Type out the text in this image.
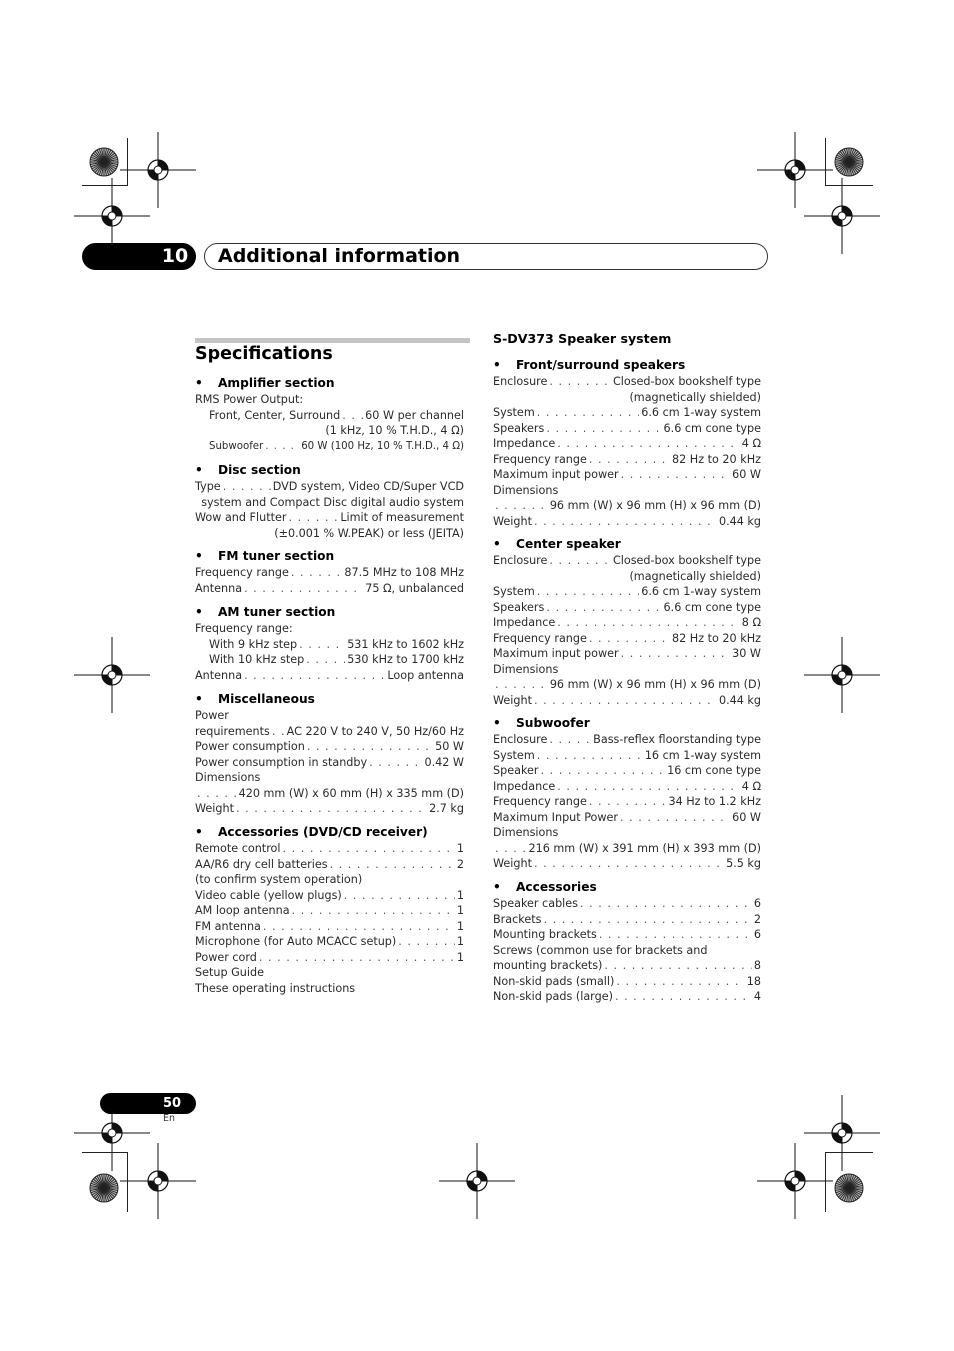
10 Additional information
Specifications
• Amplifier section
RMS Power Output:
Front, Center, Surround . . . 60 W per channel
(1 kHz, 10 % T.H.D., 4 Ω)
Subwoofer . . .	60 W (100 Hz, 10 % T.H.D., 4 Ω)
• Disc section
Type . . .	DVD system, Video CD/Super VCD
system and Compact Disc digital audio system
Wow and Flutter . . .	Limit of measurement
(±0.001 % W.PEAK) or less (JEITA)
• FM tuner section
Frequency range . . .	87.5 MHz to 108 MHz
Antenna . . .	75 Ω, unbalanced
• AM tuner section
Frequency range:
With 9 kHz step . . .	531 kHz to 1602 kHz
With 10 kHz step . . .	530 kHz to 1700 kHz
Antenna . . .	Loop antenna
• Miscellaneous
Power
requirements . . . AC 220 V to 240 V, 50 Hz/60 Hz
Power consumption . . .	50 W
Power consumption in standby . . .	0.42 W
Dimensions
. . .
420 mm (W) x 60 mm (H) x 335 mm (D)
Weight . . .	2.7 kg
• Accessories (DVD/CD receiver)
Remote control . . .	1
AA/R6 dry cell batteries . . .	2
(to confirm system operation)
Video cable (yellow plugs) . . .	1
AM loop antenna . . .	1
FM antenna . . .	1
Microphone (for Auto MCACC setup) . . .	1
Power cord . . .	1
Setup Guide
These operating instructions
S-DV373 Speaker system
• Front/surround speakers
Enclosure . . .	Closed-box bookshelf type
(magnetically shielded)
System . . .	6.6 cm 1-way system
Speakers . . .	6.6 cm cone type
Impedance . . .	4 Ω
Frequency range . . .	82 Hz to 20 kHz
Maximum input power . . .	60 W
Dimensions
. . .
96 mm (W) x 96 mm (H) x 96 mm (D)
Weight . . .	0.44 kg
• Center speaker
Enclosure . . .	Closed-box bookshelf type
(magnetically shielded)
System . . .	6.6 cm 1-way system
Speakers . . .	6.6 cm cone type
Impedance . . .	8 Ω
Frequency range . . .	82 Hz to 20 kHz
Maximum input power . . .	30 W
Dimensions
. . .
96 mm (W) x 96 mm (H) x 96 mm (D)
Weight . . .	0.44 kg
• Subwoofer
Enclosure . . .	Bass-reflex floorstanding type
System . . .	16 cm 1-way system
Speaker . . .	16 cm cone type
Impedance . . .	4 Ω
Frequency range . . .	34 Hz to 1.2 kHz
Maximum Input Power . . .	60 W
Dimensions
. . .
216 mm (W) x 391 mm (H) x 393 mm (D)
Weight . . .	5.5 kg
• Accessories
Speaker cables . . .	6
Brackets . . .	2
Mounting brackets . . .	6
Screws (common use for brackets and
mounting brackets) . . .	8
Non-skid pads (small) . . .	18
Non-skid pads (large) . . .	4
50
En
